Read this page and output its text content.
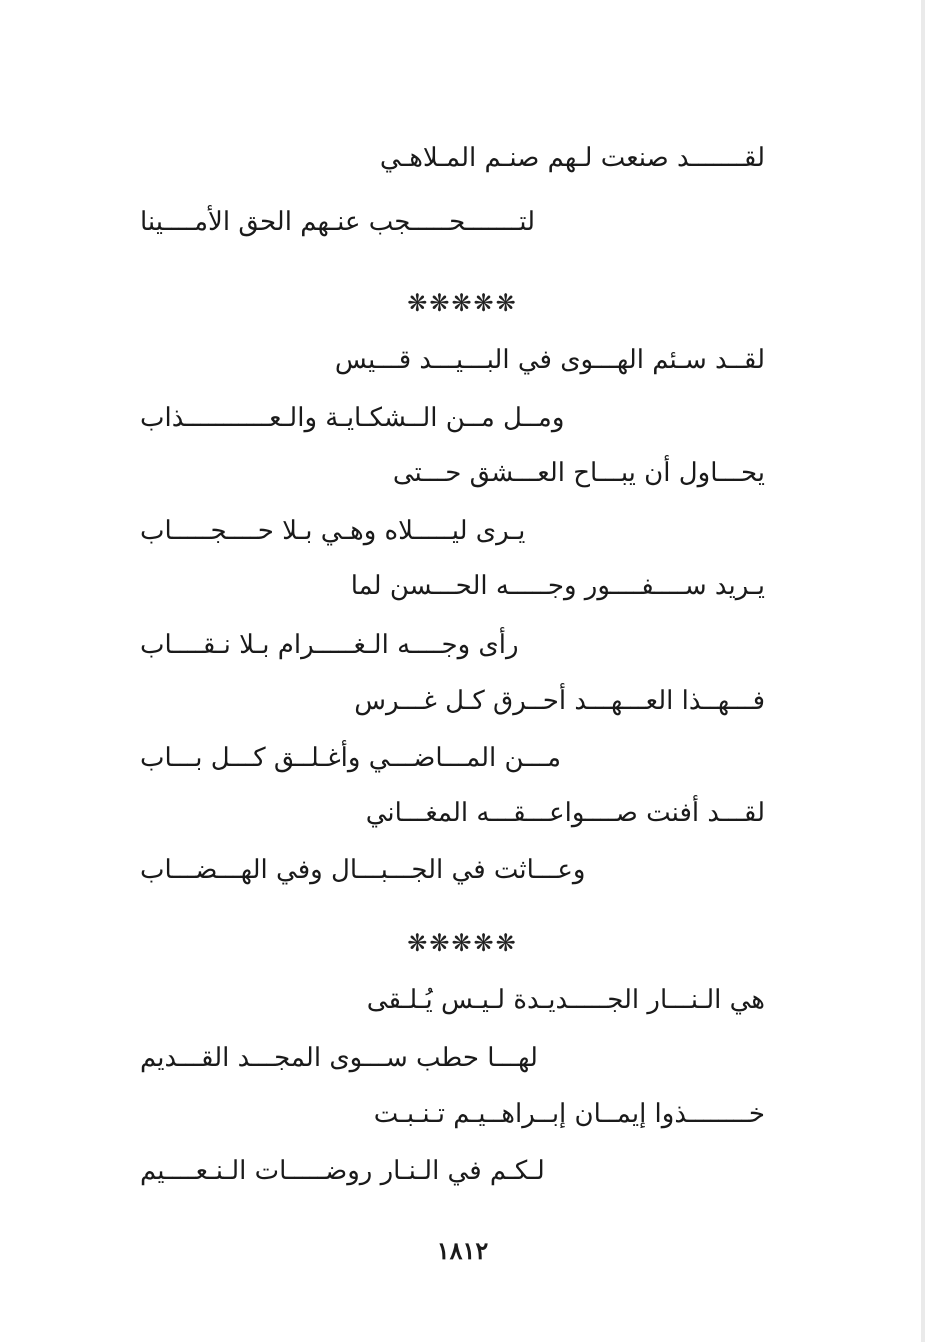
لقـــــــد صنعت لـهم صنـم المـلاهـي
لتـــــــحـــــجب عنـهم الحق الأمــــينا
❋❋❋❋❋
لقــد سـئم الهـــوى في البـــيـــد قـــيس
ومــل مــن الــشكـايـة والـعـــــــــــذاب
يحـــاول أن يبـــاح العـــشق حـــتى
يـرى ليـــــلاه وهـي بـلا حــــجـــــاب
يـريد ســــفــــور وجـــــه الحـــسن لما
رأى وجــــه الـغـــــرام بـلا نـقــــاب
فـــهــذا العـــهـــد أحــرق كـل غـــرس
مـــن المـــاضـــي وأغـلــق كـــل بـــاب
لقـــد أفنت صــــواعـــقـــه المغـــاني
وعـــاثت في الجـــبـــال وفي الهـــضـــاب
❋❋❋❋❋
هي الـنـــار الجـــــديـدة لـيـس يُـلـقى
لهـــا حطب ســـوى المجـــد القـــديم
خــــــــذوا إيمــان إبــراهــيـم تـنـبـت
لـكـم في الـنـار روضـــــات الـنـعــــيم
١٨١٢
